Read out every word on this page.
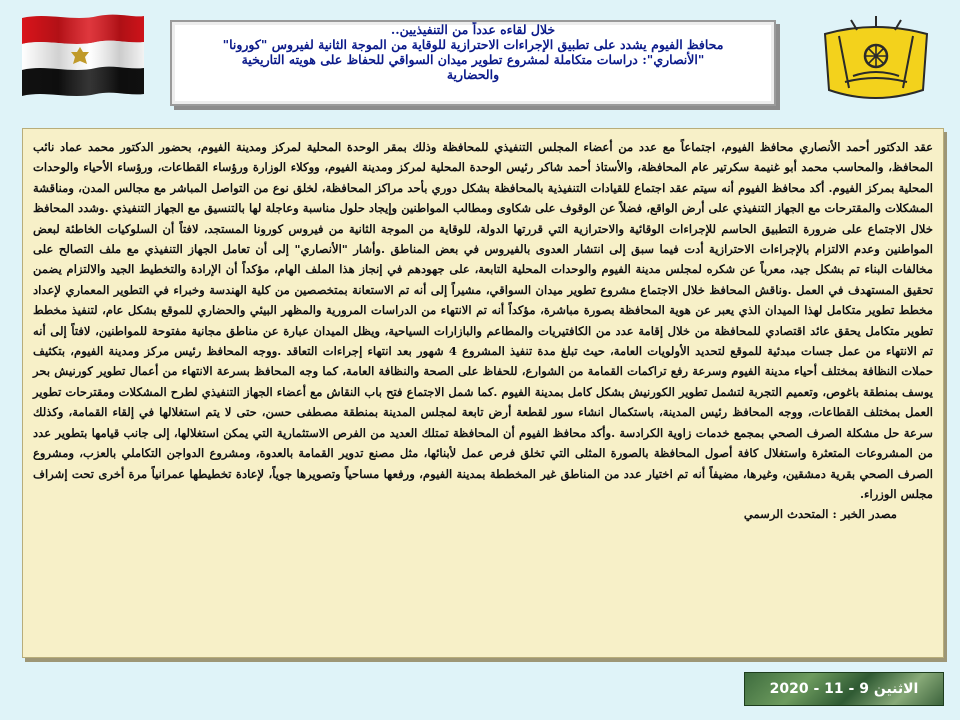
خلال لقاءه عدداً من التنفيذيين..
محافظ الفيوم يشدد على تطبيق الإجراءات الاحترازية للوقاية من الموجة الثانية لفيروس "كورونا"
"الأنصاري": دراسات متكاملة لمشروع تطوير ميدان السواقي للحفاظ على هويته التاريخية
والحضارية

عقد الدكتور أحمد الأنصاري محافظ الفيوم، اجتماعاً مع عدد من أعضاء المجلس التنفيذي للمحافظة وذلك بمقر الوحدة المحلية لمركز ومدينة الفيوم، بحضور الدكتور محمد عماد نائب المحافظ، والمحاسب محمد أبو غنيمة سكرتير عام المحافظة، والأستاذ أحمد شاكر رئيس الوحدة المحلية لمركز ومدينة الفيوم، ووكلاء الوزارة ورؤساء القطاعات، ورؤساء الأحياء والوحدات المحلية بمركز الفيوم. أكد محافظ الفيوم أنه سيتم عقد اجتماع للقيادات التنفيذية بالمحافظة بشكل دوري بأحد مراكز المحافظة، لخلق نوع من التواصل المباشر مع مجالس المدن، ومناقشة المشكلات والمقترحات مع الجهاز التنفيذي على أرض الواقع، فضلاً عن الوقوف على شكاوى ومطالب المواطنين وإيجاد حلول مناسبة وعاجلة لها بالتنسيق مع الجهاز التنفيذي .وشدد المحافظ خلال الاجتماع على ضرورة التطبيق الحاسم للإجراءات الوقائية والاحترازية التي قررتها الدولة، للوقاية من الموجة الثانية من فيروس كورونا المستجد، لافتاً أن السلوكيات الخاطئة لبعض المواطنين وعدم الالتزام بالإجراءات الاحترازية أدت فيما سبق إلى انتشار العدوى بالفيروس في بعض المناطق .وأشار "الأنصاري" إلى أن تعامل الجهاز التنفيذي مع ملف التصالح على مخالفات البناء تم بشكل جيد، معرباً عن شكره لمجلس مدينة الفيوم والوحدات المحلية التابعة، على جهودهم في إنجاز هذا الملف الهام، مؤكداً أن الإرادة والتخطيط الجيد والالتزام يضمن تحقيق المستهدف في العمل .وناقش المحافظ خلال الاجتماع مشروع تطوير ميدان السواقي، مشيراً إلى أنه تم الاستعانة بمتخصصين من كلية الهندسة وخبراء في التطوير المعماري لإعداد مخطط تطوير متكامل لهذا الميدان الذي يعبر عن هوية المحافظة بصورة مباشرة، مؤكداً أنه تم الانتهاء من الدراسات المرورية والمظهر البيئي والحضاري للموقع بشكل عام، لتنفيذ مخطط تطوير متكامل يحقق عائد اقتصادي للمحافظة من خلال إقامة عدد من الكافتيريات والمطاعم والبازارات السياحية، ويظل الميدان عبارة عن مناطق مجانية مفتوحة للمواطنين، لافتاً إلى أنه تم الانتهاء من عمل جسات مبدئية للموقع لتحديد الأولويات العامة، حيث تبلغ مدة تنفيذ المشروع 4 شهور بعد انتهاء إجراءات التعاقد .ووجه المحافظ رئيس مركز ومدينة الفيوم، بتكثيف حملات النظافة بمختلف أحياء مدينة الفيوم وسرعة رفع تراكمات القمامة من الشوارع، للحفاظ على الصحة والنظافة العامة، كما وجه المحافظ بسرعة الانتهاء من أعمال تطوير كورنيش بحر يوسف بمنطقة باغوص، وتعميم التجربة لتشمل تطوير الكورنيش بشكل كامل بمدينة الفيوم .كما شمل الاجتماع فتح باب النقاش مع أعضاء الجهاز التنفيذي لطرح المشكلات ومقترحات تطوير العمل بمختلف القطاعات، ووجه المحافظ رئيس المدينة، باستكمال انشاء سور لقطعة أرض تابعة لمجلس المدينة بمنطقة مصطفى حسن، حتى لا يتم استغلالها في إلقاء القمامة، وكذلك سرعة حل مشكلة الصرف الصحي بمجمع خدمات زاوية الكرادسة .وأكد محافظ الفيوم أن المحافظة تمتلك العديد من الفرص الاستثمارية التي يمكن استغلالها، إلى جانب قيامها بتطوير عدد من المشروعات المتعثرة واستغلال كافة أصول المحافظة بالصورة المثلى التي تخلق فرص عمل لأبنائها، مثل مصنع تدوير القمامة بالعدوة، ومشروع الدواجن التكاملي بالعزب، ومشروع الصرف الصحي بقرية دمشقين، وغيرها، مضيفاً أنه تم اختيار عدد من المناطق غير المخططة بمدينة الفيوم، ورفعها مساحياً وتصويرها جوياً، لإعادة تخطيطها عمرانياً مرة أخرى تحت إشراف مجلس الوزراء.

مصدر الخبر : المتحدث الرسمي

الاثنين 9 - 11 - 2020
